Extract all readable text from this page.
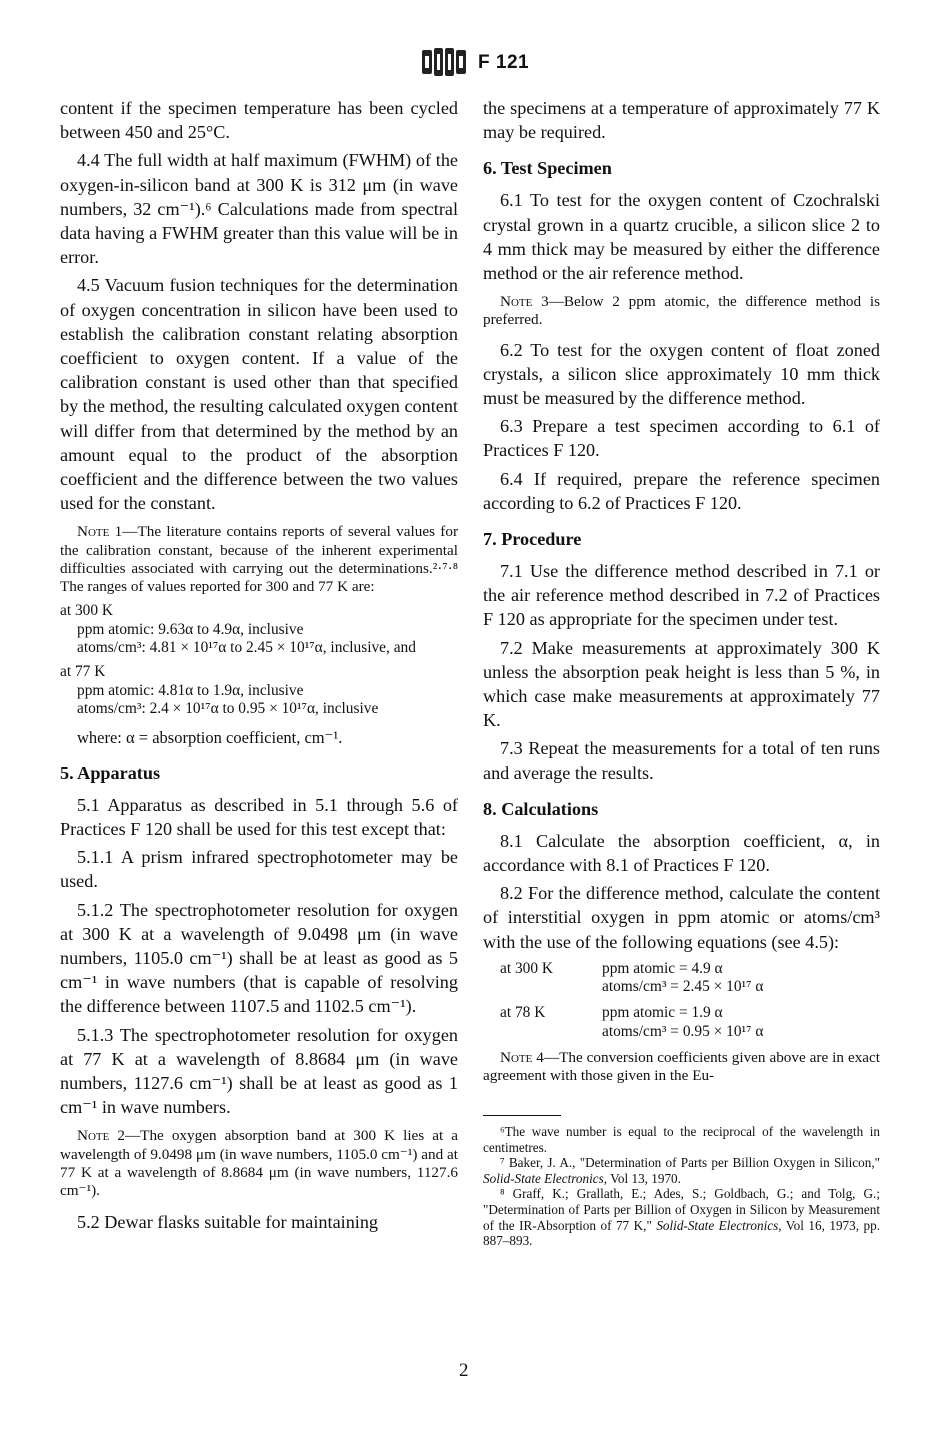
F 121

content if the specimen temperature has been cycled between 450 and 25°C.

4.4 The full width at half maximum (FWHM) of the oxygen-in-silicon band at 300 K is 312 μm (in wave numbers, 32 cm⁻¹).⁶ Calculations made from spectral data having a FWHM greater than this value will be in error.

4.5 Vacuum fusion techniques for the determination of oxygen concentration in silicon have been used to establish the calibration constant relating absorption coefficient to oxygen content. If a value of the calibration constant is used other than that specified by the method, the resulting calculated oxygen content will differ from that determined by the method by an amount equal to the product of the absorption coefficient and the difference between the two values used for the constant.

Note 1—The literature contains reports of several values for the calibration constant, because of the inherent experimental difficulties associated with carrying out the determinations.²·⁷·⁸ The ranges of values reported for 300 and 77 K are:
at 300 K
ppm atomic: 9.63α to 4.9α, inclusive
atoms/cm³: 4.81 × 10¹⁷α to 2.45 × 10¹⁷α, inclusive, and
at 77 K
ppm atomic: 4.81α to 1.9α, inclusive
atoms/cm³: 2.4 × 10¹⁷α to 0.95 × 10¹⁷α, inclusive
where: α = absorption coefficient, cm⁻¹.
5. Apparatus

5.1 Apparatus as described in 5.1 through 5.6 of Practices F 120 shall be used for this test except that:

5.1.1 A prism infrared spectrophotometer may be used.

5.1.2 The spectrophotometer resolution for oxygen at 300 K at a wavelength of 9.0498 μm (in wave numbers, 1105.0 cm⁻¹) shall be at least as good as 5 cm⁻¹ in wave numbers (that is capable of resolving the difference between 1107.5 and 1102.5 cm⁻¹).

5.1.3 The spectrophotometer resolution for oxygen at 77 K at a wavelength of 8.8684 μm (in wave numbers, 1127.6 cm⁻¹) shall be at least as good as 1 cm⁻¹ in wave numbers.

Note 2—The oxygen absorption band at 300 K lies at a wavelength of 9.0498 μm (in wave numbers, 1105.0 cm⁻¹) and at 77 K at a wavelength of 8.8684 μm (in wave numbers, 1127.6 cm⁻¹).

5.2 Dewar flasks suitable for maintaining

the specimens at a temperature of approximately 77 K may be required.

6. Test Specimen

6.1 To test for the oxygen content of Czochralski crystal grown in a quartz crucible, a silicon slice 2 to 4 mm thick may be measured by either the difference method or the air reference method.

Note 3—Below 2 ppm atomic, the difference method is preferred.

6.2 To test for the oxygen content of float zoned crystals, a silicon slice approximately 10 mm thick must be measured by the difference method.

6.3 Prepare a test specimen according to 6.1 of Practices F 120.

6.4 If required, prepare the reference specimen according to 6.2 of Practices F 120.

7. Procedure

7.1 Use the difference method described in 7.1 or the air reference method described in 7.2 of Practices F 120 as appropriate for the specimen under test.

7.2 Make measurements at approximately 300 K unless the absorption peak height is less than 5 %, in which case make measurements at approximately 77 K.

7.3 Repeat the measurements for a total of ten runs and average the results.

8. Calculations

8.1 Calculate the absorption coefficient, α, in accordance with 8.1 of Practices F 120.

8.2 For the difference method, calculate the content of interstitial oxygen in ppm atomic or atoms/cm³ with the use of the following equations (see 4.5):

at 300 K	ppm atomic = 4.9 α
	atoms/cm³ = 2.45 × 10¹⁷ α

at 78 K	ppm atomic = 1.9 α
	atoms/cm³ = 0.95 × 10¹⁷ α
Note 4—The conversion coefficients given above are in exact agreement with those given in the Eu-
⁶The wave number is equal to the reciprocal of the wavelength in centimetres.
⁷ Baker, J. A., "Determination of Parts per Billion Oxygen in Silicon," Solid-State Electronics, Vol 13, 1970.
⁸ Graff, K.; Grallath, E.; Ades, S.; Goldbach, G.; and Tolg, G.; "Determination of Parts per Billion of Oxygen in Silicon by Measurement of the IR-Absorption of 77 K," Solid-State Electronics, Vol 16, 1973, pp. 887–893.
2
